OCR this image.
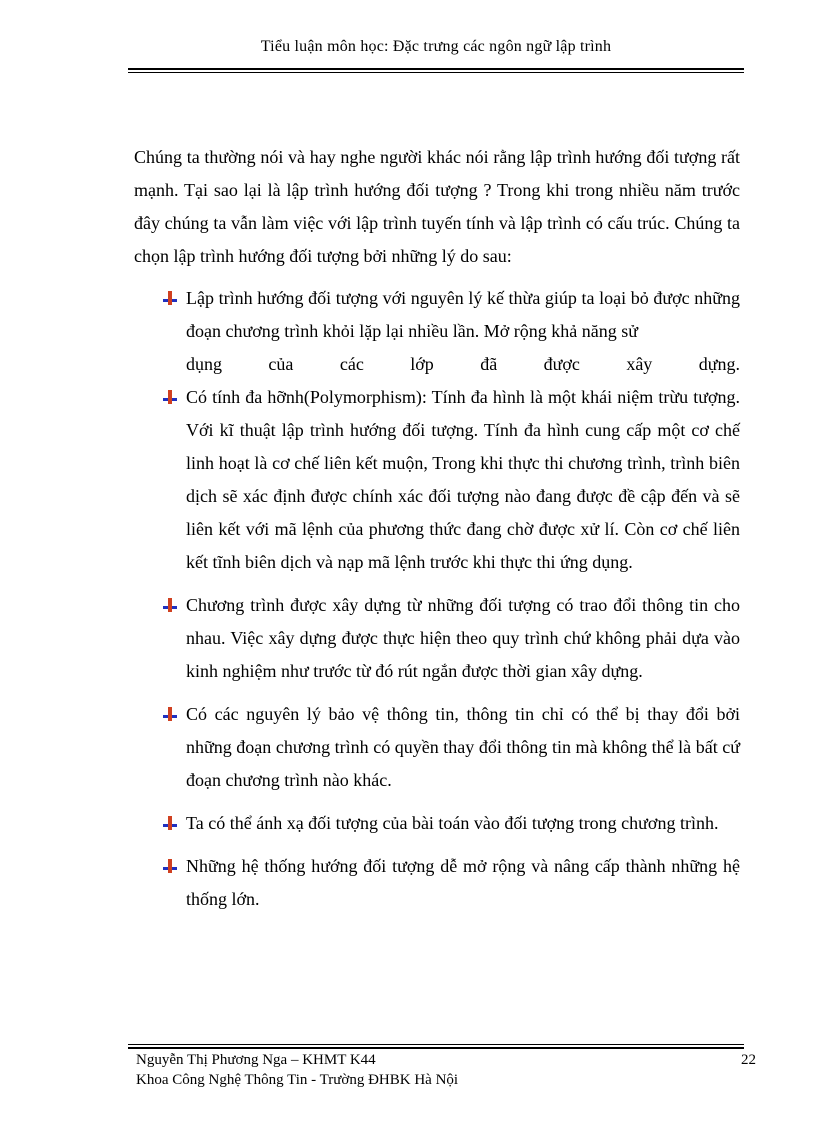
Tiểu luận môn học: Đặc trưng các ngôn ngữ lập trình

Chúng ta thường nói và hay nghe người khác nói rằng lập trình hướng đối tượng rất mạnh. Tại sao lại là lập trình hướng đối tượng ? Trong khi trong nhiều năm trước đây chúng ta vẫn làm việc với lập trình tuyến tính và lập trình có cấu trúc. Chúng ta chọn lập trình hướng đối tượng bởi những lý do sau:

Lập trình hướng đối tượng với nguyên lý kế thừa giúp ta loại bỏ được những đoạn chương trình khỏi lặp lại nhiều lần. Mở rộng khả năng sử
dụng của các lớp đã được xây dựng.
Có tính đa hỡnh(Polymorphism): Tính đa hình là một khái niệm trừu tượng. Với kĩ thuật lập trình hướng đối tượng. Tính đa hình cung cấp một cơ chế linh hoạt là cơ chế liên kết muộn, Trong khi thực thi chương trình, trình biên dịch sẽ xác định được chính xác đối tượng nào đang được đề cập đến và sẽ liên kết với mã lệnh của phương thức đang chờ được xử lí. Còn cơ chế liên kết tĩnh biên dịch và nạp mã lệnh trước khi thực thi ứng dụng.
Chương trình được xây dựng từ những đối tượng có trao đổi thông tin cho nhau. Việc xây dựng được thực hiện theo quy trình chứ không phải dựa vào kinh nghiệm như trước từ đó rút ngắn được thời gian xây dựng.
Có các nguyên lý bảo vệ thông tin, thông tin chỉ có thể bị thay đổi bởi những đoạn chương trình có quyền thay đổi thông tin mà không thể là bất cứ đoạn chương trình nào khác.
Ta có thể ánh xạ đối tượng của bài toán vào đối tượng trong chương trình.
Những hệ thống hướng đối tượng dễ mở rộng và nâng cấp thành những hệ thống lớn.
Nguyễn Thị Phương Nga – KHMT K44
Khoa Công Nghệ Thông Tin - Trường ĐHBK Hà Nội
22
